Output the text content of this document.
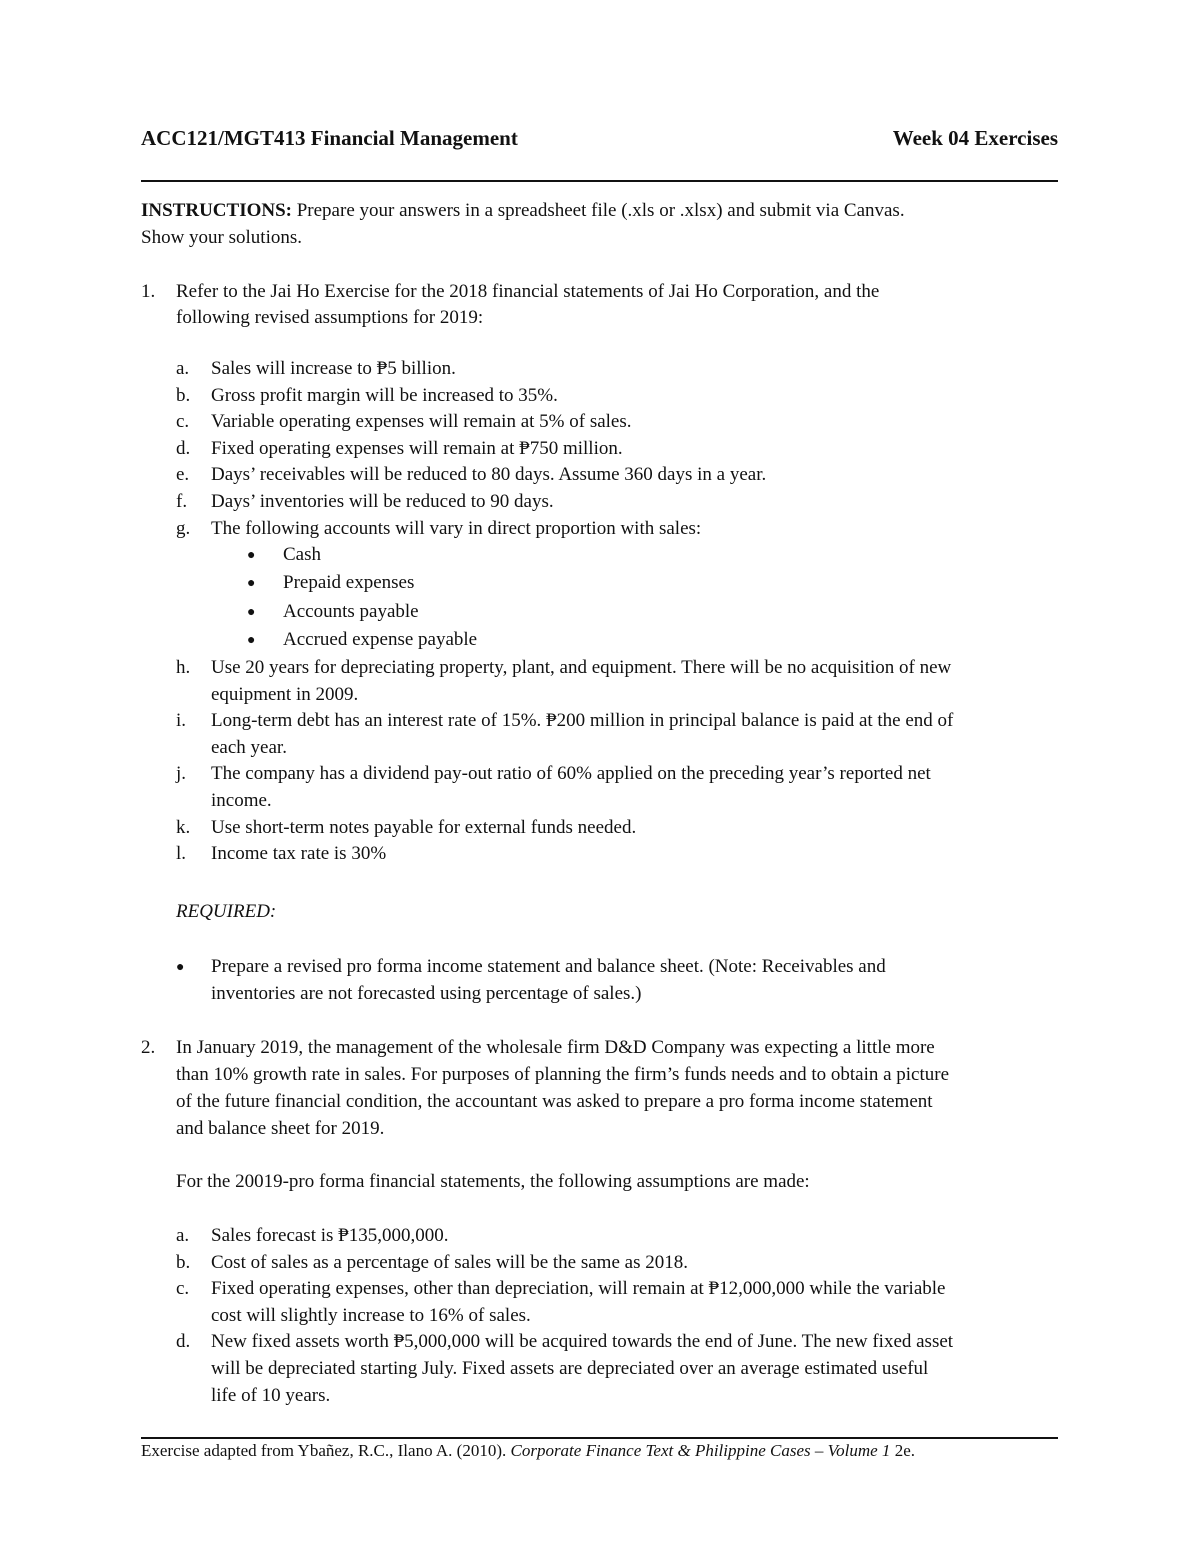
ACC121/MGT413 Financial Management	Week 04 Exercises
INSTRUCTIONS: Prepare your answers in a spreadsheet file (.xls or .xlsx) and submit via Canvas.
Show your solutions.
1. Refer to the Jai Ho Exercise for the 2018 financial statements of Jai Ho Corporation, and the
following revised assumptions for 2019:
a. Sales will increase to ₱5 billion.
b. Gross profit margin will be increased to 35%.
c. Variable operating expenses will remain at 5% of sales.
d. Fixed operating expenses will remain at ₱750 million.
e. Days’ receivables will be reduced to 80 days. Assume 360 days in a year.
f. Days’ inventories will be reduced to 90 days.
g. The following accounts will vary in direct proportion with sales:
● Cash
● Prepaid expenses
● Accounts payable
● Accrued expense payable
h. Use 20 years for depreciating property, plant, and equipment. There will be no acquisition of new
equipment in 2009.
i. Long-term debt has an interest rate of 15%. ₱200 million in principal balance is paid at the end of
each year.
j. The company has a dividend pay-out ratio of 60% applied on the preceding year’s reported net
income.
k. Use short-term notes payable for external funds needed.
l. Income tax rate is 30%
REQUIRED:
● Prepare a revised pro forma income statement and balance sheet. (Note: Receivables and
inventories are not forecasted using percentage of sales.)
2. In January 2019, the management of the wholesale firm D&D Company was expecting a little more
than 10% growth rate in sales. For purposes of planning the firm’s funds needs and to obtain a picture
of the future financial condition, the accountant was asked to prepare a pro forma income statement
and balance sheet for 2019.
For the 20019-pro forma financial statements, the following assumptions are made:
a. Sales forecast is ₱135,000,000.
b. Cost of sales as a percentage of sales will be the same as 2018.
c. Fixed operating expenses, other than depreciation, will remain at ₱12,000,000 while the variable
cost will slightly increase to 16% of sales.
d. New fixed assets worth ₱5,000,000 will be acquired towards the end of June. The new fixed asset
will be depreciated starting July. Fixed assets are depreciated over an average estimated useful
life of 10 years.
Exercise adapted from Ybañez, R.C., Ilano A. (2010). Corporate Finance Text & Philippine Cases – Volume 1 2e.
